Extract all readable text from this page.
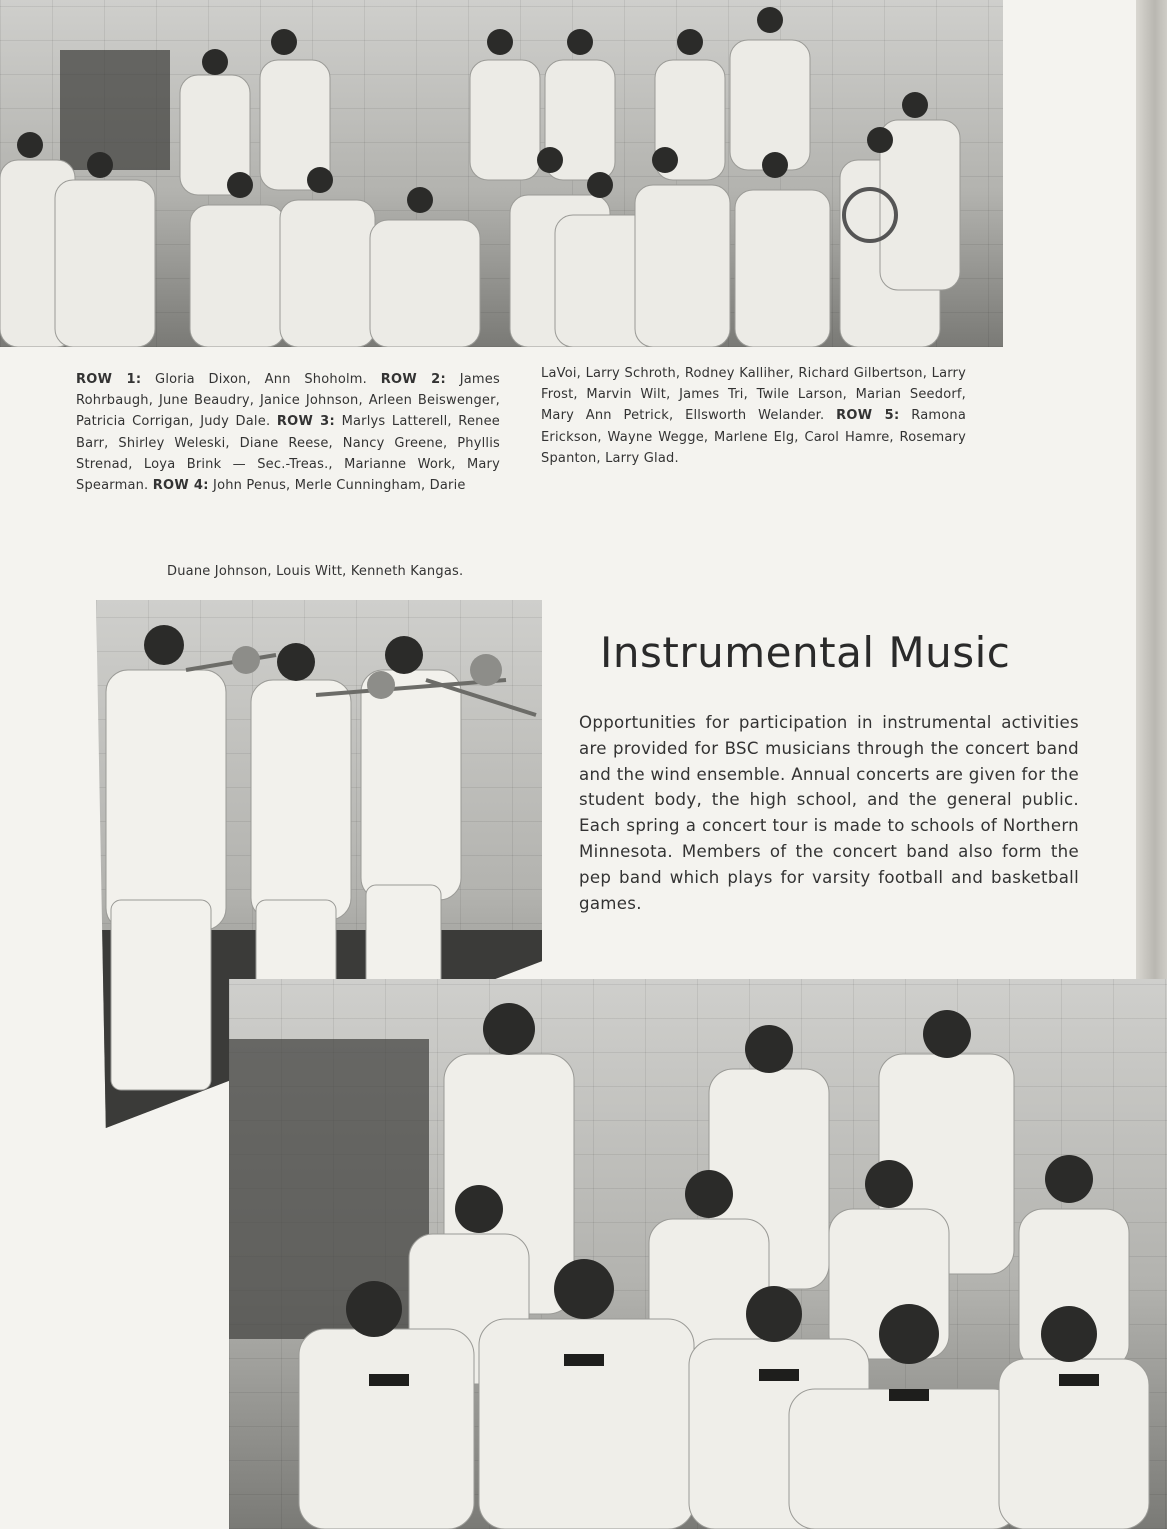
ROW 1: Gloria Dixon, Ann Shoholm. ROW 2: James Rohrbaugh, June Beaudry, Janice Johnson, Arleen Beiswenger, Patricia Corrigan, Judy Dale. ROW 3: Marlys Latterell, Renee Barr, Shirley Weleski, Diane Reese, Nancy Greene, Phyllis Strenad, Loya Brink — Sec.-Treas., Marianne Work, Mary Spearman. ROW 4: John Penus, Merle Cunningham, Darie
LaVoi, Larry Schroth, Rodney Kalliher, Richard Gilbertson, Larry Frost, Marvin Wilt, James Tri, Twile Larson, Marian Seedorf, Mary Ann Petrick, Ellsworth Welander. ROW 5: Ramona Erickson, Wayne Wegge, Marlene Elg, Carol Hamre, Rosemary Spanton, Larry Glad.
Duane Johnson, Louis Witt, Kenneth Kangas.
Instrumental Music

Opportunities for participation in instrumental activities are provided for BSC musicians through the concert band and the wind ensemble. Annual concerts are given for the student body, the high school, and the general public. Each spring a concert tour is made to schools of Northern Minnesota. Members of the concert band also form the pep band which plays for varsity football and basketball games.
